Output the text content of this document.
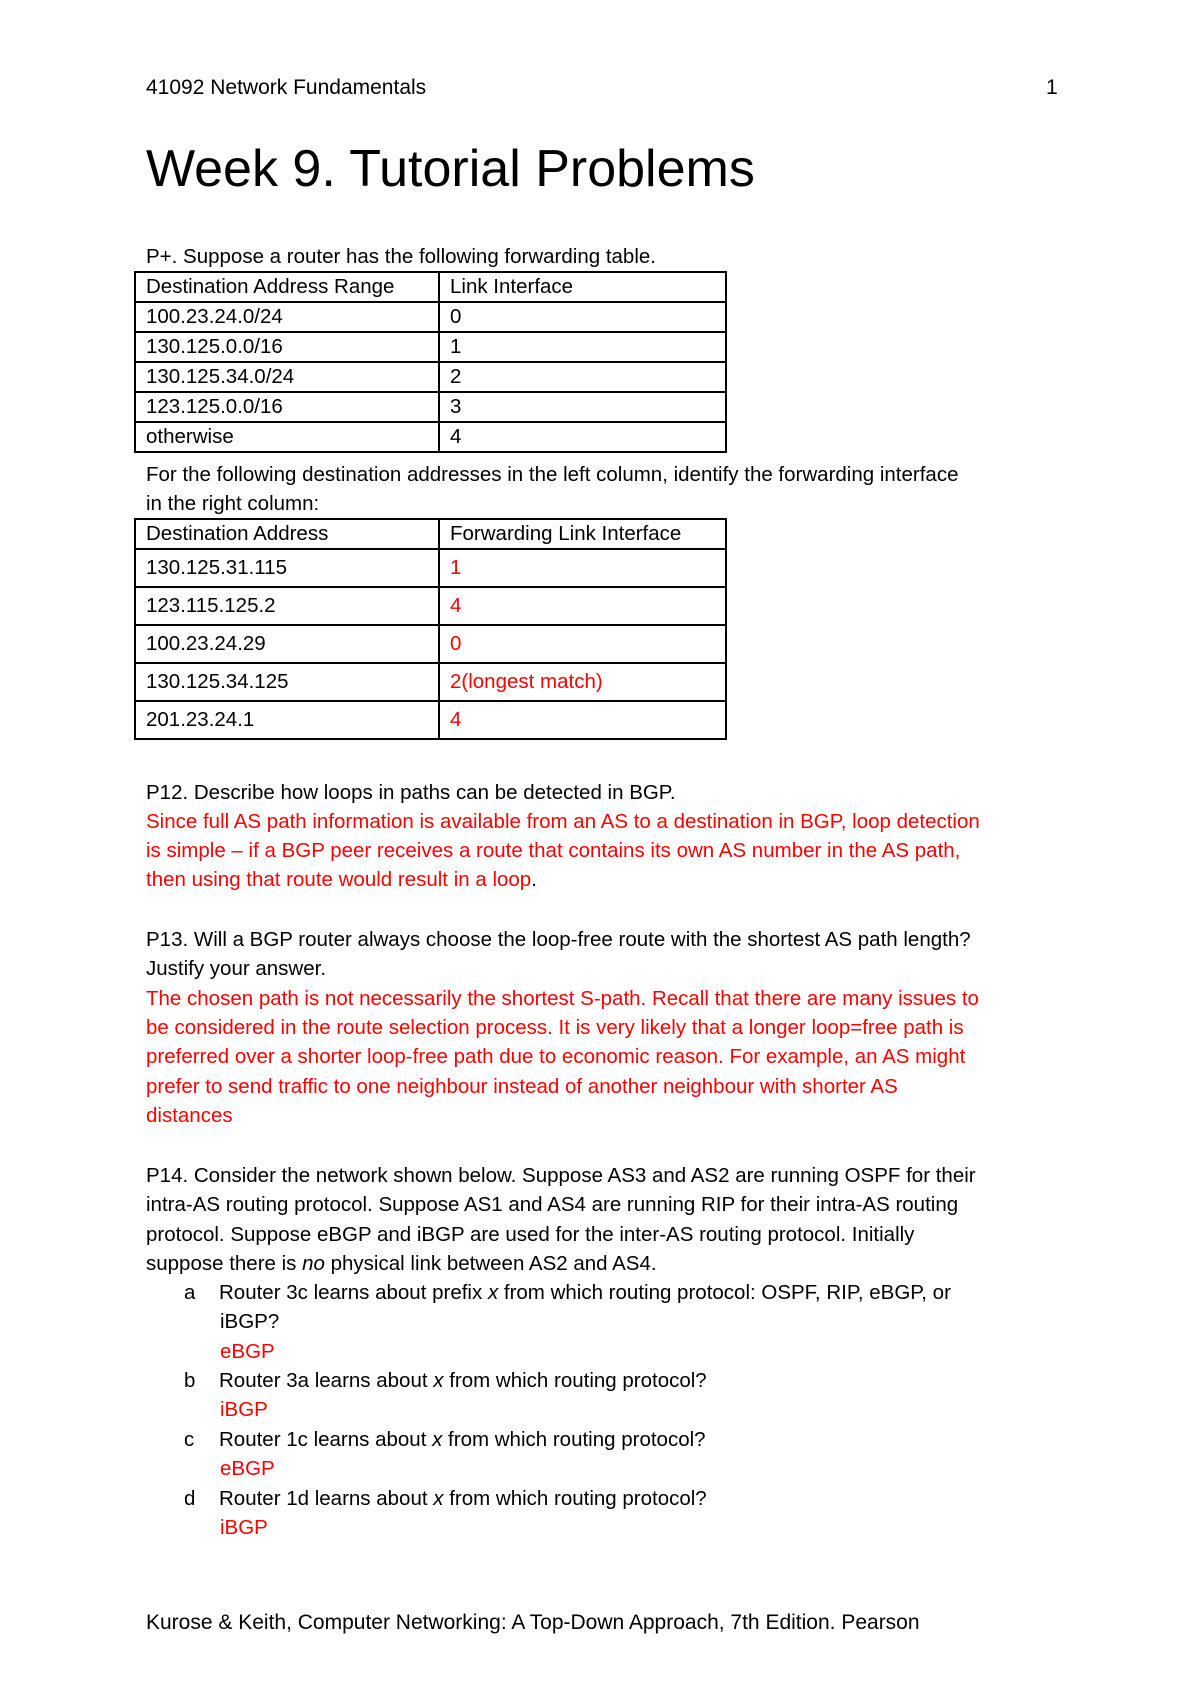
41092 Network Fundamentals	1
Week 9. Tutorial Problems
P+. Suppose a router has the following forwarding table.
Destination Address Range	Link Interface
100.23.24.0/24	0
130.125.0.0/16	1
130.125.34.0/24	2
123.125.0.0/16	3
otherwise	4
For the following destination addresses in the left column, identify the forwarding interface
in the right column:
Destination Address	Forwarding Link Interface
130.125.31.115	1
123.115.125.2	4
100.23.24.29	0
130.125.34.125	2(longest match)
201.23.24.1	4
P12. Describe how loops in paths can be detected in BGP.
Since full AS path information is available from an AS to a destination in BGP, loop detection
is simple – if a BGP peer receives a route that contains its own AS number in the AS path,
then using that route would result in a loop.
P13. Will a BGP router always choose the loop-free route with the shortest AS path length?
Justify your answer.
The chosen path is not necessarily the shortest S-path. Recall that there are many issues to
be considered in the route selection process. It is very likely that a longer loop=free path is
preferred over a shorter loop-free path due to economic reason. For example, an AS might
prefer to send traffic to one neighbour instead of another neighbour with shorter AS
distances
P14. Consider the network shown below. Suppose AS3 and AS2 are running OSPF for their
intra-AS routing protocol. Suppose AS1 and AS4 are running RIP for their intra-AS routing
protocol. Suppose eBGP and iBGP are used for the inter-AS routing protocol. Initially
suppose there is no physical link between AS2 and AS4.
a Router 3c learns about prefix x from which routing protocol: OSPF, RIP, eBGP, or
iBGP?
eBGP
b Router 3a learns about x from which routing protocol?
iBGP
c Router 1c learns about x from which routing protocol?
eBGP
d Router 1d learns about x from which routing protocol?
iBGP
Kurose & Keith, Computer Networking: A Top-Down Approach, 7th Edition. Pearson
